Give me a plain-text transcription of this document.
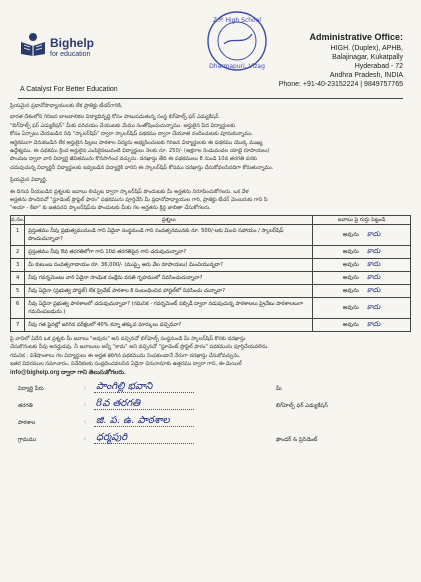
Bighelp
for education
A Catalyst For Better Education
Z.P. High School
Dharmapuri, Vizag
Administrative Office:
HIGH. (Duplex), APHB,
Balajinagar, Kukatpally
Hyderabad - 72
Andhra Pradesh, INDIA
Phone: +91-40-23152224 | 9849757765
ప్రియమైన ప్రధానోపాధ్యాయులకు లేక ప్రాజెక్టు టీచర్‌గారికి,
భారత దేశంలోని గిరిజన బాలబాలికల విద్యాభివృద్ధి కోసం పాటుపడుతున్న సంస్థ బిగ్‌హెల్ప్ ఫర్ ఎడ్యుకేషన్.
"బిగ్‌హెల్ప్ ఫర్ ఎడ్యుకేషన్" మీకు పరిచయం చేయుటకు మేము సంతోషించుచున్నాము. అర్హులైన పేద విద్యార్థులకు
కోసం ఏర్పాటు చేయబడిన నిధి "స్కాలర్‌షిప్‌" ద్వారా స్కాలర్‌షిప్ పథకము ద్వారా చేయూత నందించుటకు పూనుకున్నాము.
ఆర్థికముగా వెనుకబడిన లేక అర్హులైన పిల్లలు పాఠశాల విద్యను అభ్యసించుటకు గిరిజన విద్యార్థులకు ఈ పథకము యొక్క ముఖ్య
ఉద్దేశ్యము. ఈ పథకము క్రింద అర్హులైన ఎంపికైనటువంటి విద్యార్థులు నెలకు రూ. 250/- (అక్షరాల రెండువందల యాభై రూపాయలు)
పొందుట ద్వారా వారి విద్యార్థి జీవితమును కొనసాగించ వచ్చును. దరఖాస్తు తేది ఈ పథకములు 8 నుండి 10వ తరగతి వరకు
చదువుచున్న విద్యార్థినీ విద్యార్థులకు ఇవ్వబడిన విద్యార్థికి వారిని ఈ స్కాలర్‌షిప్ కోసము దరఖాస్తు చేసుకోవలసినదిగా కోరుతున్నాము.
ప్రియమైన విద్యార్థి,
ఈ దిగువ నీయబడిన ప్రశ్నలకు జవాబు లిచ్చుట ద్వారా స్కాలర్‌షిప్ పొందుటకు మీ అర్హతను నిరూపించుకోగలరు. ఒక వేళ
అర్హతను పొందినచో "స్టూడెంట్ ప్రొఫైల్ ఫారం" పథకమును పూర్తిచేసి మీ ప్రధానోపాధ్యాయుల గారి, ప్రాజెక్టు టీచర్ మెంబరుకు గాని సి
"అయా - కేటా" కు జతపరచి స్కాలర్‌షిప్‌ను పొందుటకు మీకు గల అర్హతను క్రిన్ద జాబితా చేసుకోగలరు.
వ.సం.	ప్రశ్నలు	జవాబు పై గుర్తు పెట్టండి
1	ప్రస్తుతము నీవు ప్రభుత్వమునుండి గాని ఏదైనా సంస్థనుండి గాని సంవత్సరమునకు రూ. 500/-లకు మించి సహాయం / స్కాలర్‌షిప్ పొందుచున్నావా?	అవును కాదు
2	ప్రస్తుతము నీవు 8వ తరగతిలోగా గాని 10వ తరగతిపైన గాని చదువుచున్నావా?	అవును కాదు
3	మీ కుటుంబ సంవత్సరాదాయం రూ. 36,000/- (ముప్పై ఆరు వేల రూపాయలు) మించియున్నదా?	అవును కాదు
4	నీవు గవర్నమెంటు వారి ఏదైనా సాంఘిక సంక్షేమ వసతి గృహములో నివసించుచున్నావా?	అవును కాదు
5	నీవు ఏదైనా (ప్రభుత్వ హాస్టల్) లేక ప్రైవేట్ పాఠశాల కి సంబంధించిన హాస్టల్‌లో నివసించు చున్నావా?	అవును కాదు
6	నీవు ఏదైనా ప్రభుత్వ పాఠశాలలో చదువుచున్నావా? (గమనిక - గవర్నమెంట్ సబ్సిడీ ద్వారా నడుపుచున్న పాఠశాలలు ప్రైవేటు పాఠశాలలుగా గమనింపబడును.)	అవును కాదు
7	నీవు గత ఫైనల్లో జరిగిన పరీక్షలలో 40% కన్నా తక్కువ మార్కులు వచ్చినవా?	అవును కాదు
పై వానిలో ఏదేని ఒక ప్రశ్నకు మీ జవాబు "అవును" అని వచ్చినచో బిగ్‌హెల్ప్ సంస్థనుండి మీ స్కాలర్‌షిప్ కొరకు దరఖాస్తు
చేసుకొనుటకు నీవు అనర్హుడవు. నీ జవాబులు అన్నీ "కాదు" అని వచ్చినచో "స్టూడెంట్ ప్రొఫైల్ ఫారం" పథకమును పూర్తిచేయవలెను.
గమనిక : విశేషాంశాలు గల విద్యార్థులు ఈ అర్హత కలిగిన పథకమును నింపకుండానే నేరుగా దరఖాస్తు చేసుకోవచ్చును.
ఇతర వివరముల సమాచారం, నివేదికలకు సంప్రదించవలసిన ఏదైనా చిరునామాకు ఉత్తరము ద్వారా గాని, ఈ-మెయిల్
info@bighelp.org ద్వారా గాని తెలుసుకోగలరు.
విద్యార్థి పేరు	: పాంగిల్లి భవాని	మీ
తరగతి	: 8వ తరగతి	బిగ్‌హెల్ప్ ఫర్ ఎడ్యుకేషన్
పాఠశాల	: జి. ప. ఉ. పాఠశాల
గ్రామము	: ధర్మపురి	ఫౌండర్ & ప్రెసిడెంట్
